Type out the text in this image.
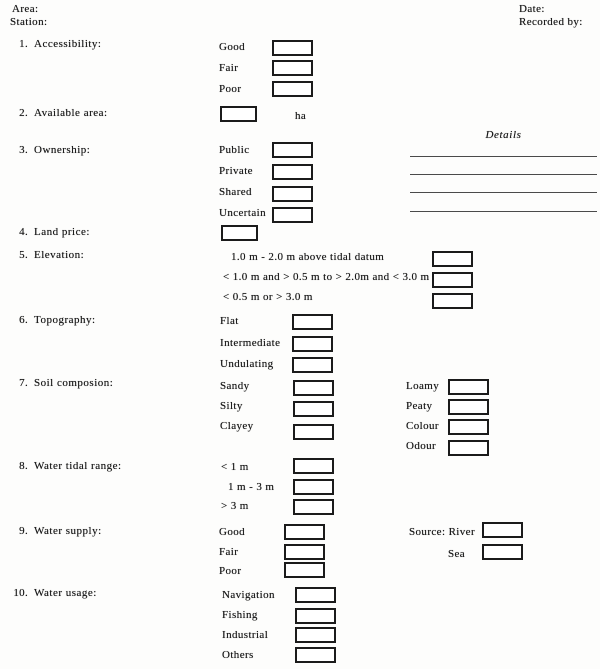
Area:
Station:
Date:
Recorded by:
1. Accessibility:	Good
Fair
Poor
2. Available area:	ha
Details
3. Ownership:	Public
Private
Shared
Uncertain
4. Land price:
5. Elevation:	1.0 m - 2.0 m above tidal datum
< 1.0 m and > 0.5 m to > 2.0m and < 3.0 m
< 0.5 m or > 3.0 m
6. Topography:	Flat
Intermediate
Undulating
7. Soil composion:	Sandy
Silty
Clayey
Loamy
Peaty
Colour
Odour
8. Water tidal range:	< 1 m
1 m - 3 m
> 3 m
9. Water supply:	Good
Fair
Poor
Source: River
Sea
10. Water usage:	Navigation
Fishing
Industrial
Others
